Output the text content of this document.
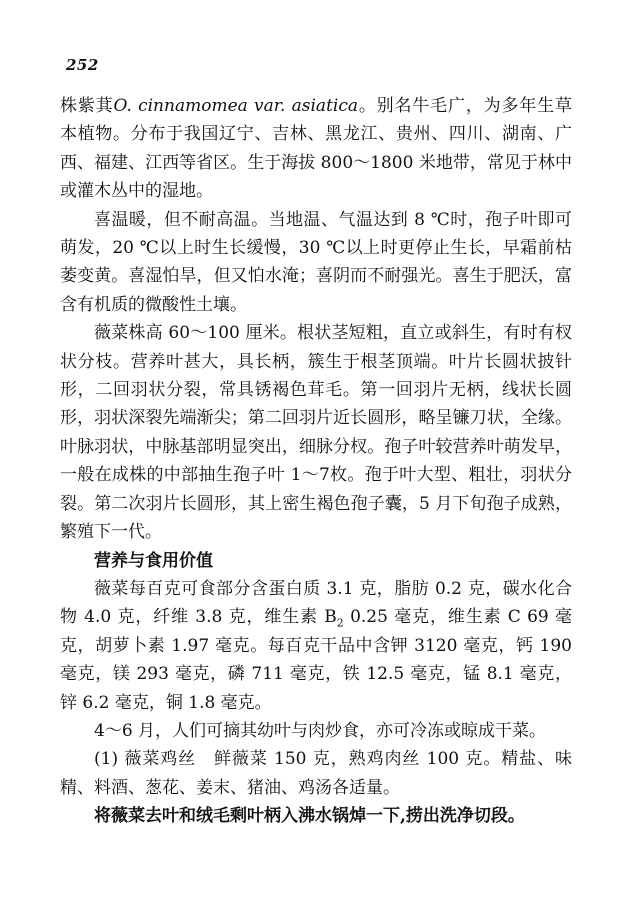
252

株紫萁O. cinnamomea var. asiatica。别名牛毛广，为多年生草本植物。分布于我国辽宁、吉林、黑龙江、贵州、四川、湖南、广西、福建、江西等省区。生于海拔 800～1800 米地带，常见于林中或灌木丛中的湿地。

喜温暖，但不耐高温。当地温、气温达到 8 ℃时，孢子叶即可萌发，20 ℃以上时生长缓慢，30 ℃以上时更停止生长，早霜前枯萎变黄。喜湿怕旱，但又怕水淹；喜阴而不耐强光。喜生于肥沃，富含有机质的微酸性土壤。

薇菜株高 60～100 厘米。根状茎短粗，直立或斜生，有时有杈状分枝。营养叶甚大，具长柄，簇生于根茎顶端。叶片长圆状披针形，二回羽状分裂，常具锈褐色茸毛。第一回羽片无柄，线状长圆形，羽状深裂先端渐尖；第二回羽片近长圆形，略呈镰刀状，全缘。叶脉羽状，中脉基部明显突出，细脉分杈。孢子叶较营养叶萌发早，一般在成株的中部抽生孢子叶 1～7枚。孢于叶大型、粗壮，羽状分裂。第二次羽片长圆形，其上密生褐色孢子囊，5 月下旬孢子成熟，繁殖下一代。

营养与食用价值

薇菜每百克可食部分含蛋白质 3.1 克，脂肪 0.2 克，碳水化合物 4.0 克，纤维 3.8 克，维生素 $B_2$ 0.25 毫克，维生素 C 69 毫克，胡萝卜素 1.97 毫克。每百克干品中含钾 3120 毫克，钙 190 毫克，镁 293 毫克，磷 711 毫克，铁 12.5 毫克，锰 8.1 毫克，锌 6.2 毫克，铜 1.8 毫克。

4～6 月，人们可摘其幼叶与肉炒食，亦可冷冻或晾成干菜。

(1) 薇菜鸡丝　鲜薇菜 150 克，熟鸡肉丝 100 克。精盐、味精、料酒、葱花、姜末、猪油、鸡汤各适量。

将薇菜去叶和绒毛剩叶柄入沸水锅焯一下,捞出洗净切段。
